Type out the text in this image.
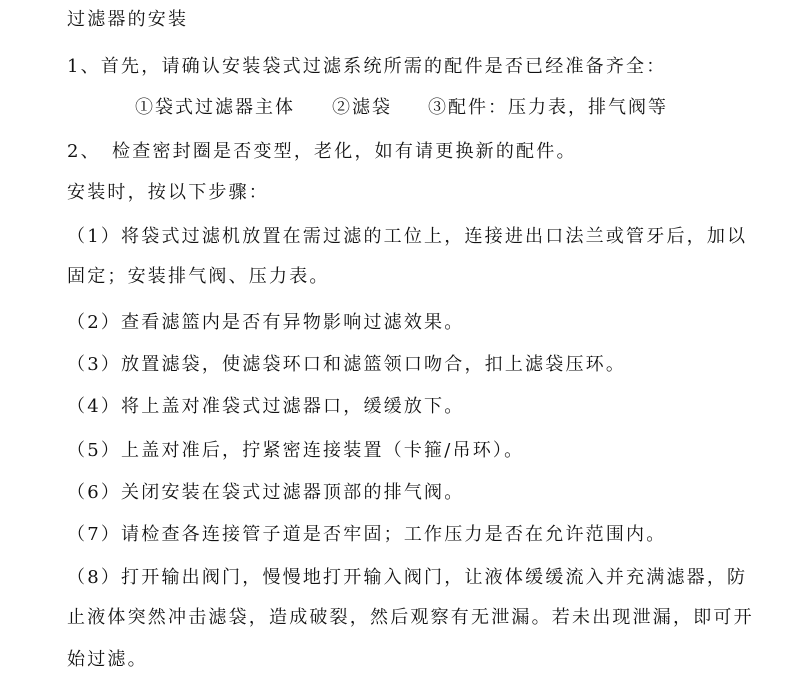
过滤器的安装
1、首先，请确认安装袋式过滤系统所需的配件是否已经准备齐全：
①袋式过滤器主体 ②滤袋 ③配件：压力表，排气阀等
2、　检查密封圈是否变型，老化，如有请更换新的配件。
安装时，按以下步骤：
（1）将袋式过滤机放置在需过滤的工位上，连接进出口法兰或管牙后，加以
固定；安装排气阀、压力表。
（2）查看滤篮内是否有异物影响过滤效果。
（3）放置滤袋，使滤袋环口和滤篮领口吻合，扣上滤袋压环。
（4）将上盖对准袋式过滤器口，缓缓放下。
（5）上盖对准后，拧紧密连接装置（卡箍/吊环）。
（6）关闭安装在袋式过滤器顶部的排气阀。
（7）请检查各连接管子道是否牢固；工作压力是否在允许范围内。
（8）打开输出阀门，慢慢地打开输入阀门，让液体缓缓流入并充满滤器，防
止液体突然冲击滤袋，造成破裂，然后观察有无泄漏。若未出现泄漏，即可开
始过滤。
